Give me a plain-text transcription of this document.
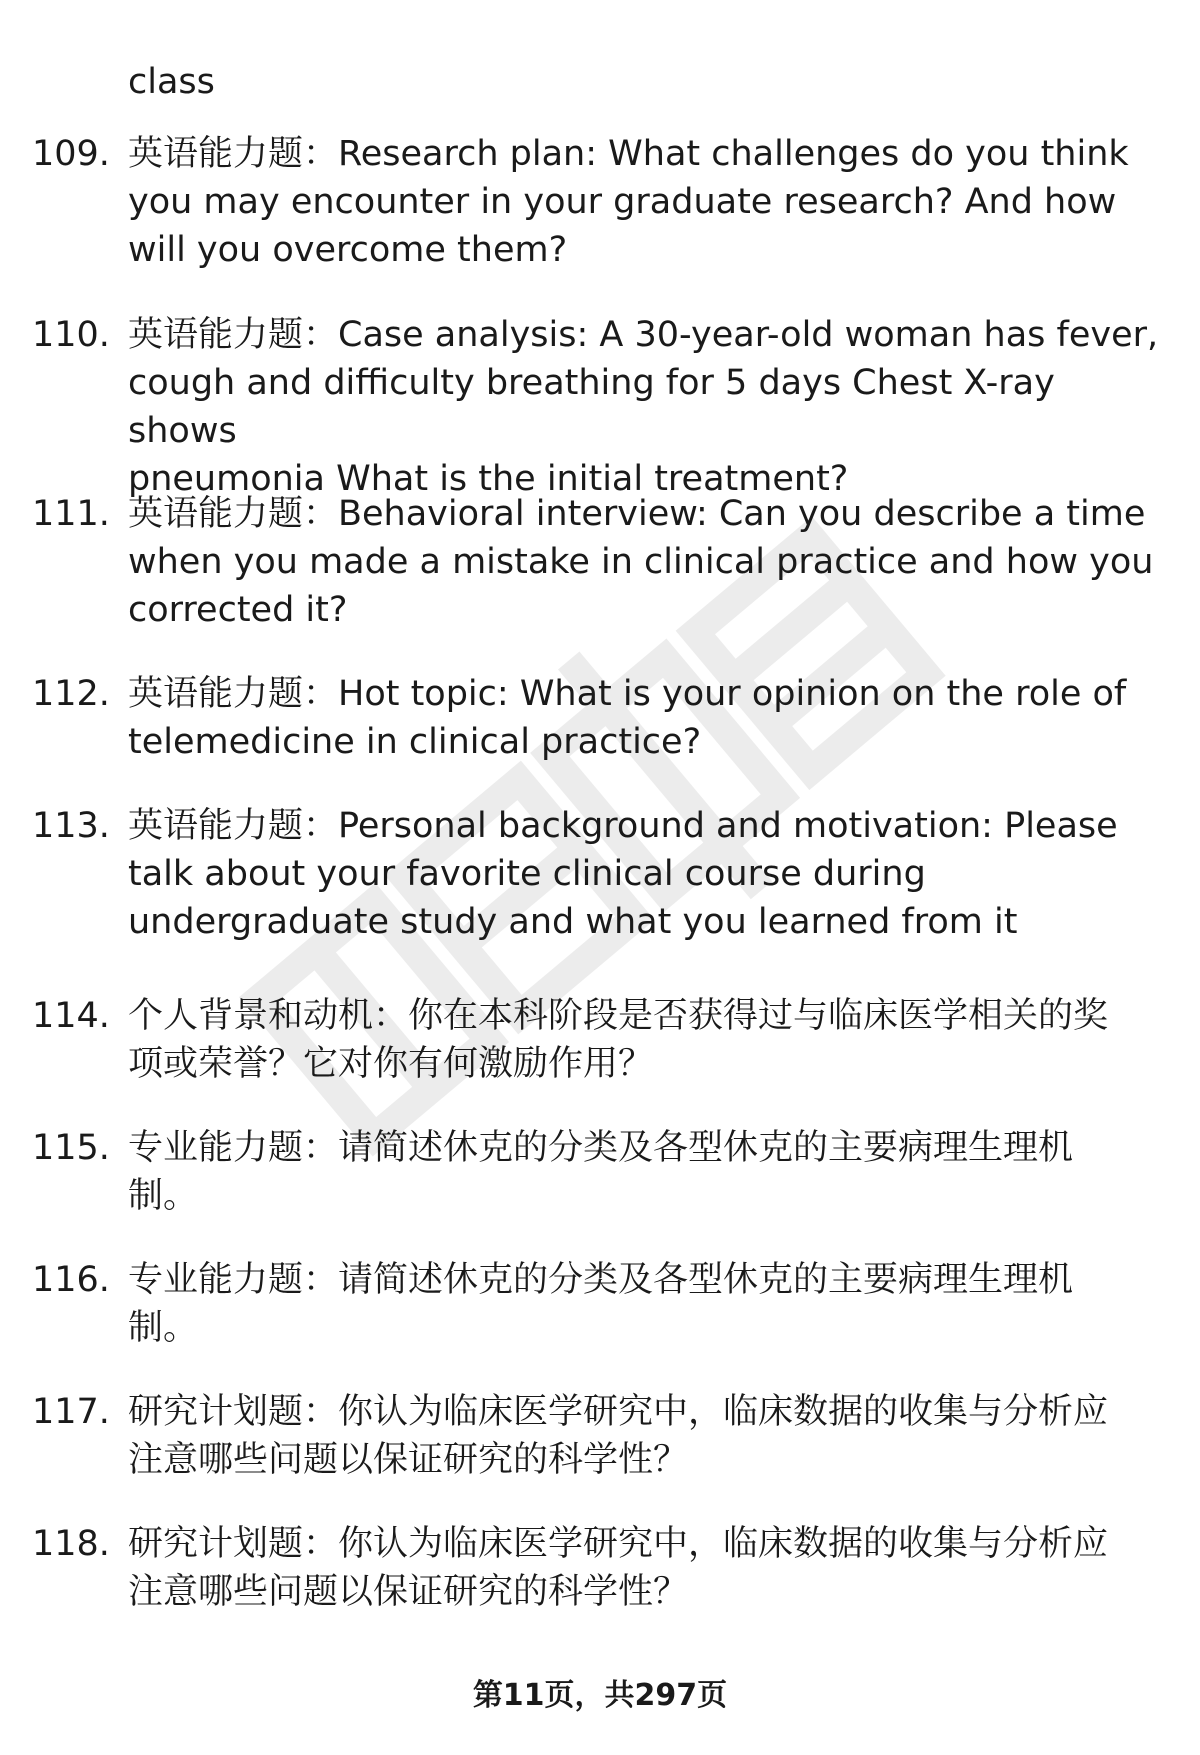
class

109. 英语能力题：Research plan: What challenges do you think
you may encounter in your graduate research? And how
will you overcome them?
110. 英语能力题：Case analysis: A 30-year-old woman has fever,
cough and difficulty breathing for 5 days Chest X-ray shows
pneumonia What is the initial treatment?
111. 英语能力题：Behavioral interview: Can you describe a time
when you made a mistake in clinical practice and how you
corrected it?
112. 英语能力题：Hot topic: What is your opinion on the role of
telemedicine in clinical practice?
113. 英语能力题：Personal background and motivation: Please
talk about your favorite clinical course during
undergraduate study and what you learned from it
114. 个人背景和动机：你在本科阶段是否获得过与临床医学相关的奖
项或荣誉？它对你有何激励作用？
115. 专业能力题：请简述休克的分类及各型休克的主要病理生理机
制。
116. 专业能力题：请简述休克的分类及各型休克的主要病理生理机
制。
117. 研究计划题：你认为临床医学研究中，临床数据的收集与分析应
注意哪些问题以保证研究的科学性？
118. 研究计划题：你认为临床医学研究中，临床数据的收集与分析应
注意哪些问题以保证研究的科学性？
第11页，共297页
